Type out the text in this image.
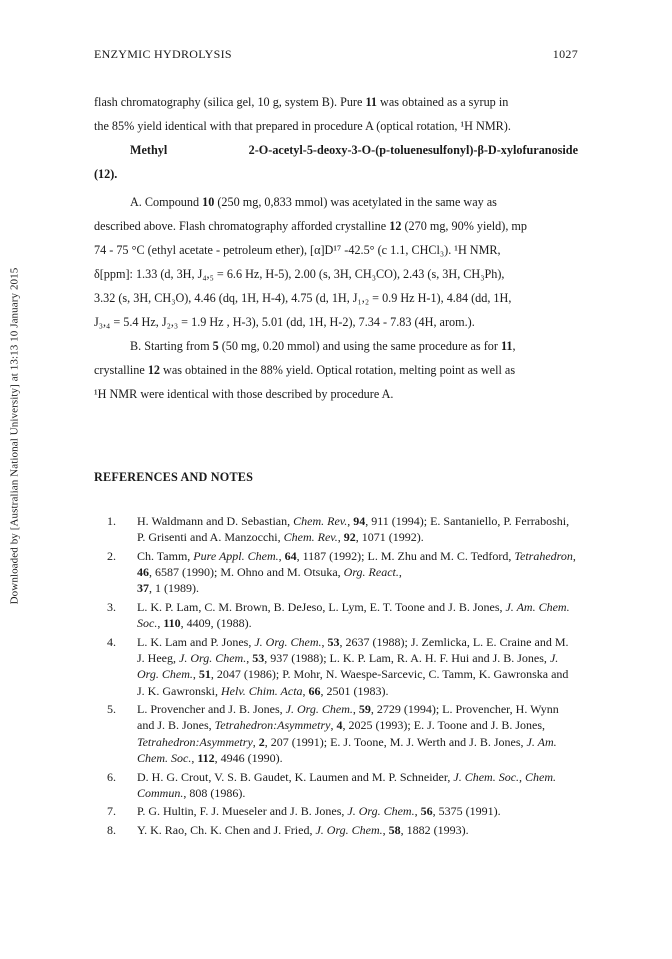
Downloaded by [Australian National University] at 13:13 10 January 2015
ENZYMIC HYDROLYSIS	1027

flash chromatography (silica gel, 10 g, system B). Pure 11 was obtained as a syrup in
the 85% yield identical with that prepared in procedure A (optical rotation, ¹H NMR).

Methyl	2-O-acetyl-5-deoxy-3-O-(p-toluenesulfonyl)-β-D-xylofuranoside

(12).

A. Compound 10 (250 mg, 0,833 mmol) was acetylated in the same way as
described above. Flash chromatography afforded crystalline 12 (270 mg, 90% yield), mp
74 - 75 °C (ethyl acetate - petroleum ether), [α]D¹⁷ -42.5° (c 1.1, CHCl₃). ¹H NMR,
δ[ppm]: 1.33 (d, 3H, J₄,₅ = 6.6 Hz, H-5), 2.00 (s, 3H, CH₃CO), 2.43 (s, 3H, CH₃Ph),
3.32 (s, 3H, CH₃O), 4.46 (dq, 1H, H-4), 4.75 (d, 1H, J₁,₂ = 0.9 Hz H-1), 4.84 (dd, 1H,
J₃,₄ = 5.4 Hz, J₂,₃ = 1.9 Hz , H-3), 5.01 (dd, 1H, H-2), 7.34 - 7.83 (4H, arom.).

B. Starting from 5 (50 mg, 0.20 mmol) and using the same procedure as for 11,
crystalline 12 was obtained in the 88% yield. Optical rotation, melting point as well as
¹H NMR were identical with those described by procedure A.

REFERENCES AND NOTES
1.	H. Waldmann and D. Sebastian, Chem. Rev., 94, 911 (1994); E. Santaniello, P. Ferraboshi, P. Grisenti and A. Manzocchi, Chem. Rev., 92, 1071 (1992).
2.	Ch. Tamm, Pure Appl. Chem., 64, 1187 (1992); L. M. Zhu and M. C. Tedford, Tetrahedron, 46, 6587 (1990); M. Ohno and M. Otsuka, Org. React.,
37, 1 (1989).
3.	L. K. P. Lam, C. M. Brown, B. DeJeso, L. Lym, E. T. Toone and J. B. Jones, J. Am. Chem. Soc., 110, 4409, (1988).
4.	L. K. Lam and P. Jones, J. Org. Chem., 53, 2637 (1988); J. Zemlicka, L. E. Craine and M. J. Heeg, J. Org. Chem., 53, 937 (1988); L. K. P. Lam, R. A. H. F. Hui and J. B. Jones, J. Org. Chem., 51, 2047 (1986); P. Mohr, N. Waespe-Sarcevic, C. Tamm, K. Gawronska and J. K. Gawronski, Helv. Chim. Acta, 66, 2501 (1983).
5.	L. Provencher and J. B. Jones, J. Org. Chem., 59, 2729 (1994); L. Provencher, H. Wynn and J. B. Jones, Tetrahedron:Asymmetry, 4, 2025 (1993); E. J. Toone and J. B. Jones, Tetrahedron:Asymmetry, 2, 207 (1991); E. J. Toone, M. J. Werth and J. B. Jones, J. Am. Chem. Soc., 112, 4946 (1990).
6.	D. H. G. Crout, V. S. B. Gaudet, K. Laumen and M. P. Schneider, J. Chem. Soc., Chem. Commun., 808 (1986).
7.	P. G. Hultin, F. J. Mueseler and J. B. Jones, J. Org. Chem., 56, 5375 (1991).
8.	Y. K. Rao, Ch. K. Chen and J. Fried, J. Org. Chem., 58, 1882 (1993).
